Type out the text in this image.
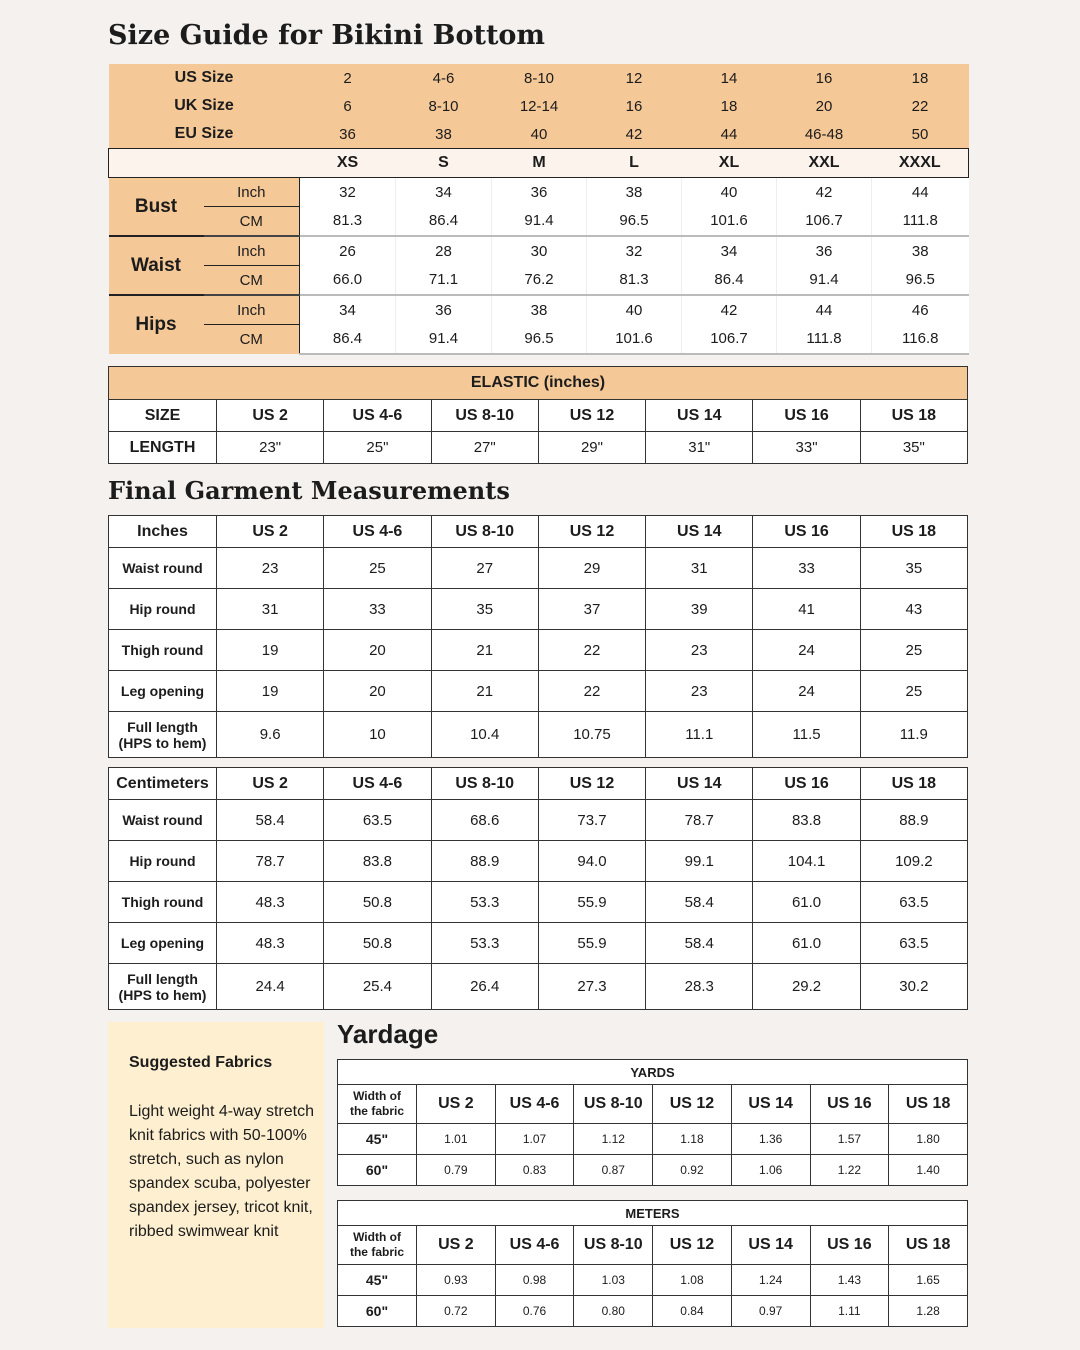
Size Guide for Bikini Bottom
US Size		2	4-6	8-10	12	14	16	18
UK Size		6	8-10	12-14	16	18	20	22
EU Size		36	38	40	42	44	46-48	50
		XS	S	M	L	XL	XXL	XXXL
Bust	Inch	32	34	36	38	40	42	44
	CM	81.3	86.4	91.4	96.5	101.6	106.7	111.8
Waist	Inch	26	28	30	32	34	36	38
	CM	66.0	71.1	76.2	81.3	86.4	91.4	96.5
Hips	Inch	34	36	38	40	42	44	46
	CM	86.4	91.4	96.5	101.6	106.7	111.8	116.8
ELASTIC (inches)							
SIZE	US 2	US 4-6	US 8-10	US 12	US 14	US 16	US 18
LENGTH	23"	25"	27"	29"	31"	33"	35"
Final Garment Measurements
Inches	US 2	US 4-6	US 8-10	US 12	US 14	US 16	US 18
Waist round	23	25	27	29	31	33	35
Hip round	31	33	35	37	39	41	43
Thigh round	19	20	21	22	23	24	25
Leg opening	19	20	21	22	23	24	25
Full length
(HPS to hem)	9.6	10	10.4	10.75	11.1	11.5	11.9
Centimeters	US 2	US 4-6	US 8-10	US 12	US 14	US 16	US 18
Waist round	58.4	63.5	68.6	73.7	78.7	83.8	88.9
Hip round	78.7	83.8	88.9	94.0	99.1	104.1	109.2
Thigh round	48.3	50.8	53.3	55.9	58.4	61.0	63.5
Leg opening	48.3	50.8	53.3	55.9	58.4	61.0	63.5
Full length
(HPS to hem)	24.4	25.4	26.4	27.3	28.3	29.2	30.2
Suggested Fabrics
Light weight 4-way stretch knit fabrics with 50-100% stretch, such as nylon spandex scuba, polyester spandex jersey, tricot knit, ribbed swimwear knit
Yardage
YARDS							
Width of
the fabric	US 2	US 4-6	US 8-10	US 12	US 14	US 16	US 18
45"	1.01	1.07	1.12	1.18	1.36	1.57	1.80
60"	0.79	0.83	0.87	0.92	1.06	1.22	1.40
METERS							
Width of
the fabric	US 2	US 4-6	US 8-10	US 12	US 14	US 16	US 18
45"	0.93	0.98	1.03	1.08	1.24	1.43	1.65
60"	0.72	0.76	0.80	0.84	0.97	1.11	1.28
